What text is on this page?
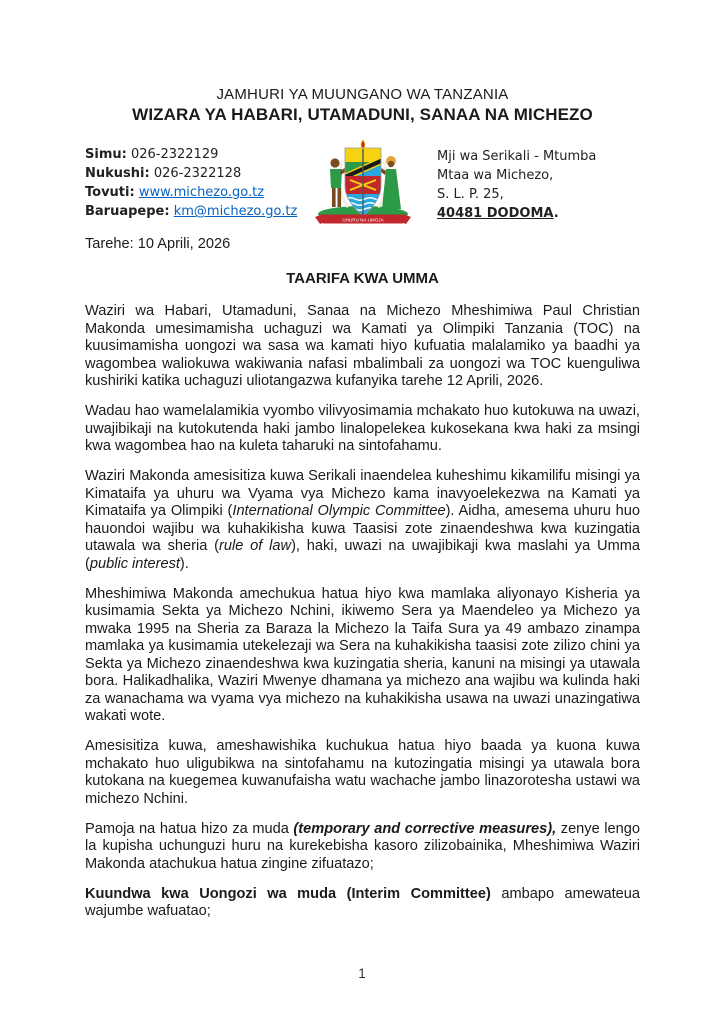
JAMHURI YA MUUNGANO WA TANZANIA
WIZARA YA HABARI, UTAMADUNI, SANAA NA MICHEZO
Simu: 026-2322129
Nukushi: 026-2322128
Tovuti: www.michezo.go.tz
Baruapepe: km@michezo.go.tz
UHURU NA UMOJA
Mji wa Serikali - Mtumba
Mtaa wa Michezo,
S. L. P. 25,
40481 DODOMA.
Tarehe: 10 Aprili, 2026
TAARIFA KWA UMMA

Waziri wa Habari, Utamaduni, Sanaa na Michezo Mheshimiwa Paul Christian Makonda umesimamisha uchaguzi wa Kamati ya Olimpiki Tanzania (TOC) na kuusimamisha uongozi wa sasa wa kamati hiyo kufuatia malalamiko ya baadhi ya wagombea waliokuwa wakiwania nafasi mbalimbali za uongozi wa TOC kuenguliwa kushiriki katika uchaguzi uliotangazwa kufanyika tarehe 12 Aprili, 2026.

Wadau hao wamelalamikia vyombo vilivyosimamia mchakato huo kutokuwa na uwazi, uwajibikaji na kutokutenda haki jambo linalopelekea kukosekana kwa haki za msingi kwa wagombea hao na kuleta taharuki na sintofahamu.

Waziri Makonda amesisitiza kuwa Serikali inaendelea kuheshimu kikamilifu misingi ya Kimataifa ya uhuru wa Vyama vya Michezo kama inavyoelekezwa na Kamati ya Kimataifa ya Olimpiki (International Olympic Committee). Aidha, amesema uhuru huo hauondoi wajibu wa kuhakikisha kuwa Taasisi zote zinaendeshwa kwa kuzingatia utawala wa sheria (rule of law), haki, uwazi na uwajibikaji kwa maslahi ya Umma (public interest).

Mheshimiwa Makonda amechukua hatua hiyo kwa mamlaka aliyonayo Kisheria ya kusimamia Sekta ya Michezo Nchini, ikiwemo Sera ya Maendeleo ya Michezo ya mwaka 1995 na Sheria za Baraza la Michezo la Taifa Sura ya 49 ambazo zinampa mamlaka ya kusimamia utekelezaji wa Sera na kuhakikisha taasisi zote zilizo chini ya Sekta ya Michezo zinaendeshwa kwa kuzingatia sheria, kanuni na misingi ya utawala bora. Halikadhalika, Waziri Mwenye dhamana ya michezo ana wajibu wa kulinda haki za wanachama wa vyama vya michezo na kuhakikisha usawa na uwazi unazingatiwa wakati wote.

Amesisitiza kuwa, ameshawishika kuchukua hatua hiyo baada ya kuona kuwa mchakato huo uligubikwa na sintofahamu na kutozingatia misingi ya utawala bora kutokana na kuegemea kuwanufaisha watu wachache jambo linazorotesha ustawi wa michezo Nchini.

Pamoja na hatua hizo za muda (temporary and corrective measures), zenye lengo la kupisha uchunguzi huru na kurekebisha kasoro zilizobainika, Mheshimiwa Waziri Makonda atachukua hatua zingine zifuatazo;

Kuundwa kwa Uongozi wa muda (Interim Committee) ambapo amewateua wajumbe wafuatao;

1
